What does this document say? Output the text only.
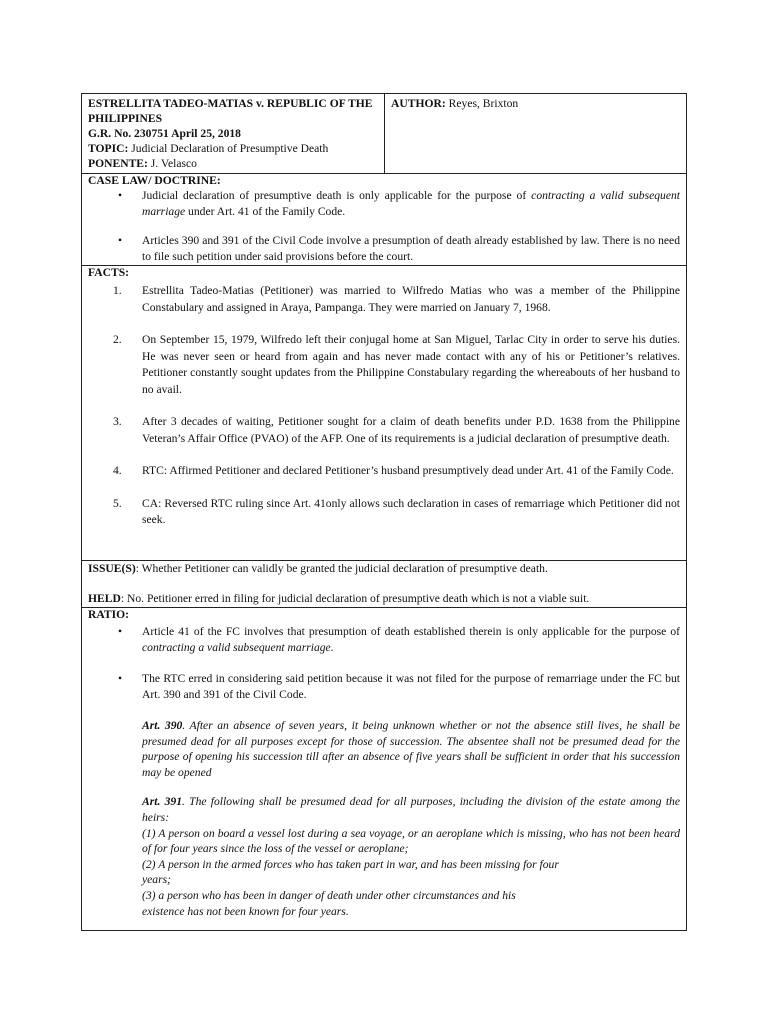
ESTRELLITA TADEO-MATIAS v. REPUBLIC OF THE PHILIPPINES
G.R. No. 230751 April 25, 2018
TOPIC: Judicial Declaration of Presumptive Death
PONENTE: J. Velasco
AUTHOR: Reyes, Brixton
CASE LAW/ DOCTRINE:
• Judicial declaration of presumptive death is only applicable for the purpose of contracting a valid subsequent marriage under Art. 41 of the Family Code.
• Articles 390 and 391 of the Civil Code involve a presumption of death already established by law. There is no need to file such petition under said provisions before the court.
FACTS:
1. Estrellita Tadeo-Matias (Petitioner) was married to Wilfredo Matias who was a member of the Philippine Constabulary and assigned in Araya, Pampanga. They were married on January 7, 1968.
2. On September 15, 1979, Wilfredo left their conjugal home at San Miguel, Tarlac City in order to serve his duties. He was never seen or heard from again and has never made contact with any of his or Petitioner’s relatives. Petitioner constantly sought updates from the Philippine Constabulary regarding the whereabouts of her husband to no avail.
3. After 3 decades of waiting, Petitioner sought for a claim of death benefits under P.D. 1638 from the Philippine Veteran’s Affair Office (PVAO) of the AFP. One of its requirements is a judicial declaration of presumptive death.
4. RTC: Affirmed Petitioner and declared Petitioner’s husband presumptively dead under Art. 41 of the Family Code.
5. CA: Reversed RTC ruling since Art. 41only allows such declaration in cases of remarriage which Petitioner did not seek.
ISSUE(S): Whether Petitioner can validly be granted the judicial declaration of presumptive death.
HELD: No. Petitioner erred in filing for judicial declaration of presumptive death which is not a viable suit.
RATIO:
• Article 41 of the FC involves that presumption of death established therein is only applicable for the purpose of contracting a valid subsequent marriage.
• The RTC erred in considering said petition because it was not filed for the purpose of remarriage under the FC but Art. 390 and 391 of the Civil Code.
Art. 390. After an absence of seven years, it being unknown whether or not the absence still lives, he shall be presumed dead for all purposes except for those of succession. The absentee shall not be presumed dead for the purpose of opening his succession till after an absence of five years shall be sufficient in order that his succession may be opened
Art. 391. The following shall be presumed dead for all purposes, including the division of the estate among the heirs:
(1) A person on board a vessel lost during a sea voyage, or an aeroplane which is missing, who has not been heard of for four years since the loss of the vessel or aeroplane;
(2) A person in the armed forces who has taken part in war, and has been missing for four
years;
(3) a person who has been in danger of death under other circumstances and his
existence has not been known for four years.
